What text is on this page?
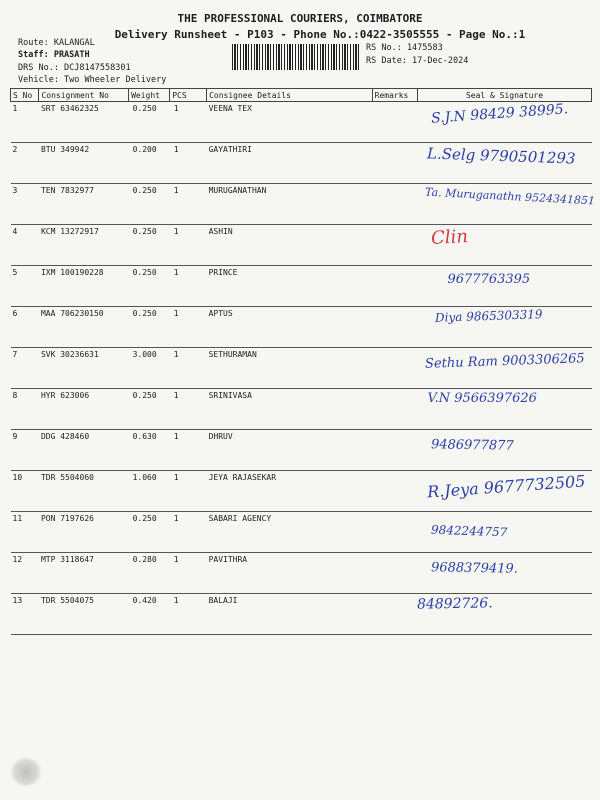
THE PROFESSIONAL COURIERS, COIMBATORE
Delivery Runsheet - P103 - Phone No.:0422-3505555 - Page No.:1
Route: KALANGAL
Staff: PRASATH
DRS No.: DCJ8147558301
Vehicle: Two Wheeler Delivery
RS No.: 1475583
RS Date: 17-Dec-2024
S No	Consignment No	Weight	PCS	Consignee Details	Remarks	Seal & Signature
1	SRT 63462325	0.250	1	VEENA TEX		S.J.N 98429 38995.

2	BTU 349942	0.200	1	GAYATHIRI		L.Selg 9790501293

3	TEN 7832977	0.250	1	MURUGANATHAN		Ta. Muruganathn 9524341851

4	KCM 13272917	0.250	1	ASHIN		Clin

5	IXM 100190228	0.250	1	PRINCE		9677763395

6	MAA 706230150	0.250	1	APTUS		Diya 9865303319

7	SVK 30236631	3.000	1	SETHURAMAN		Sethu Ram 9003306265

8	HYR 623006	0.250	1	SRINIVASA		V.N 9566397626

9	DDG 428460	0.630	1	DHRUV		9486977877

10	TDR 5504060	1.060	1	JEYA RAJASEKAR		R.Jeya 9677732505

11	PON 7197626	0.250	1	SABARI AGENCY		9842244757

12	MTP 3118647	0.280	1	PAVITHRA		9688379419.

13	TDR 5504075	0.420	1	BALAJI		84892726.
